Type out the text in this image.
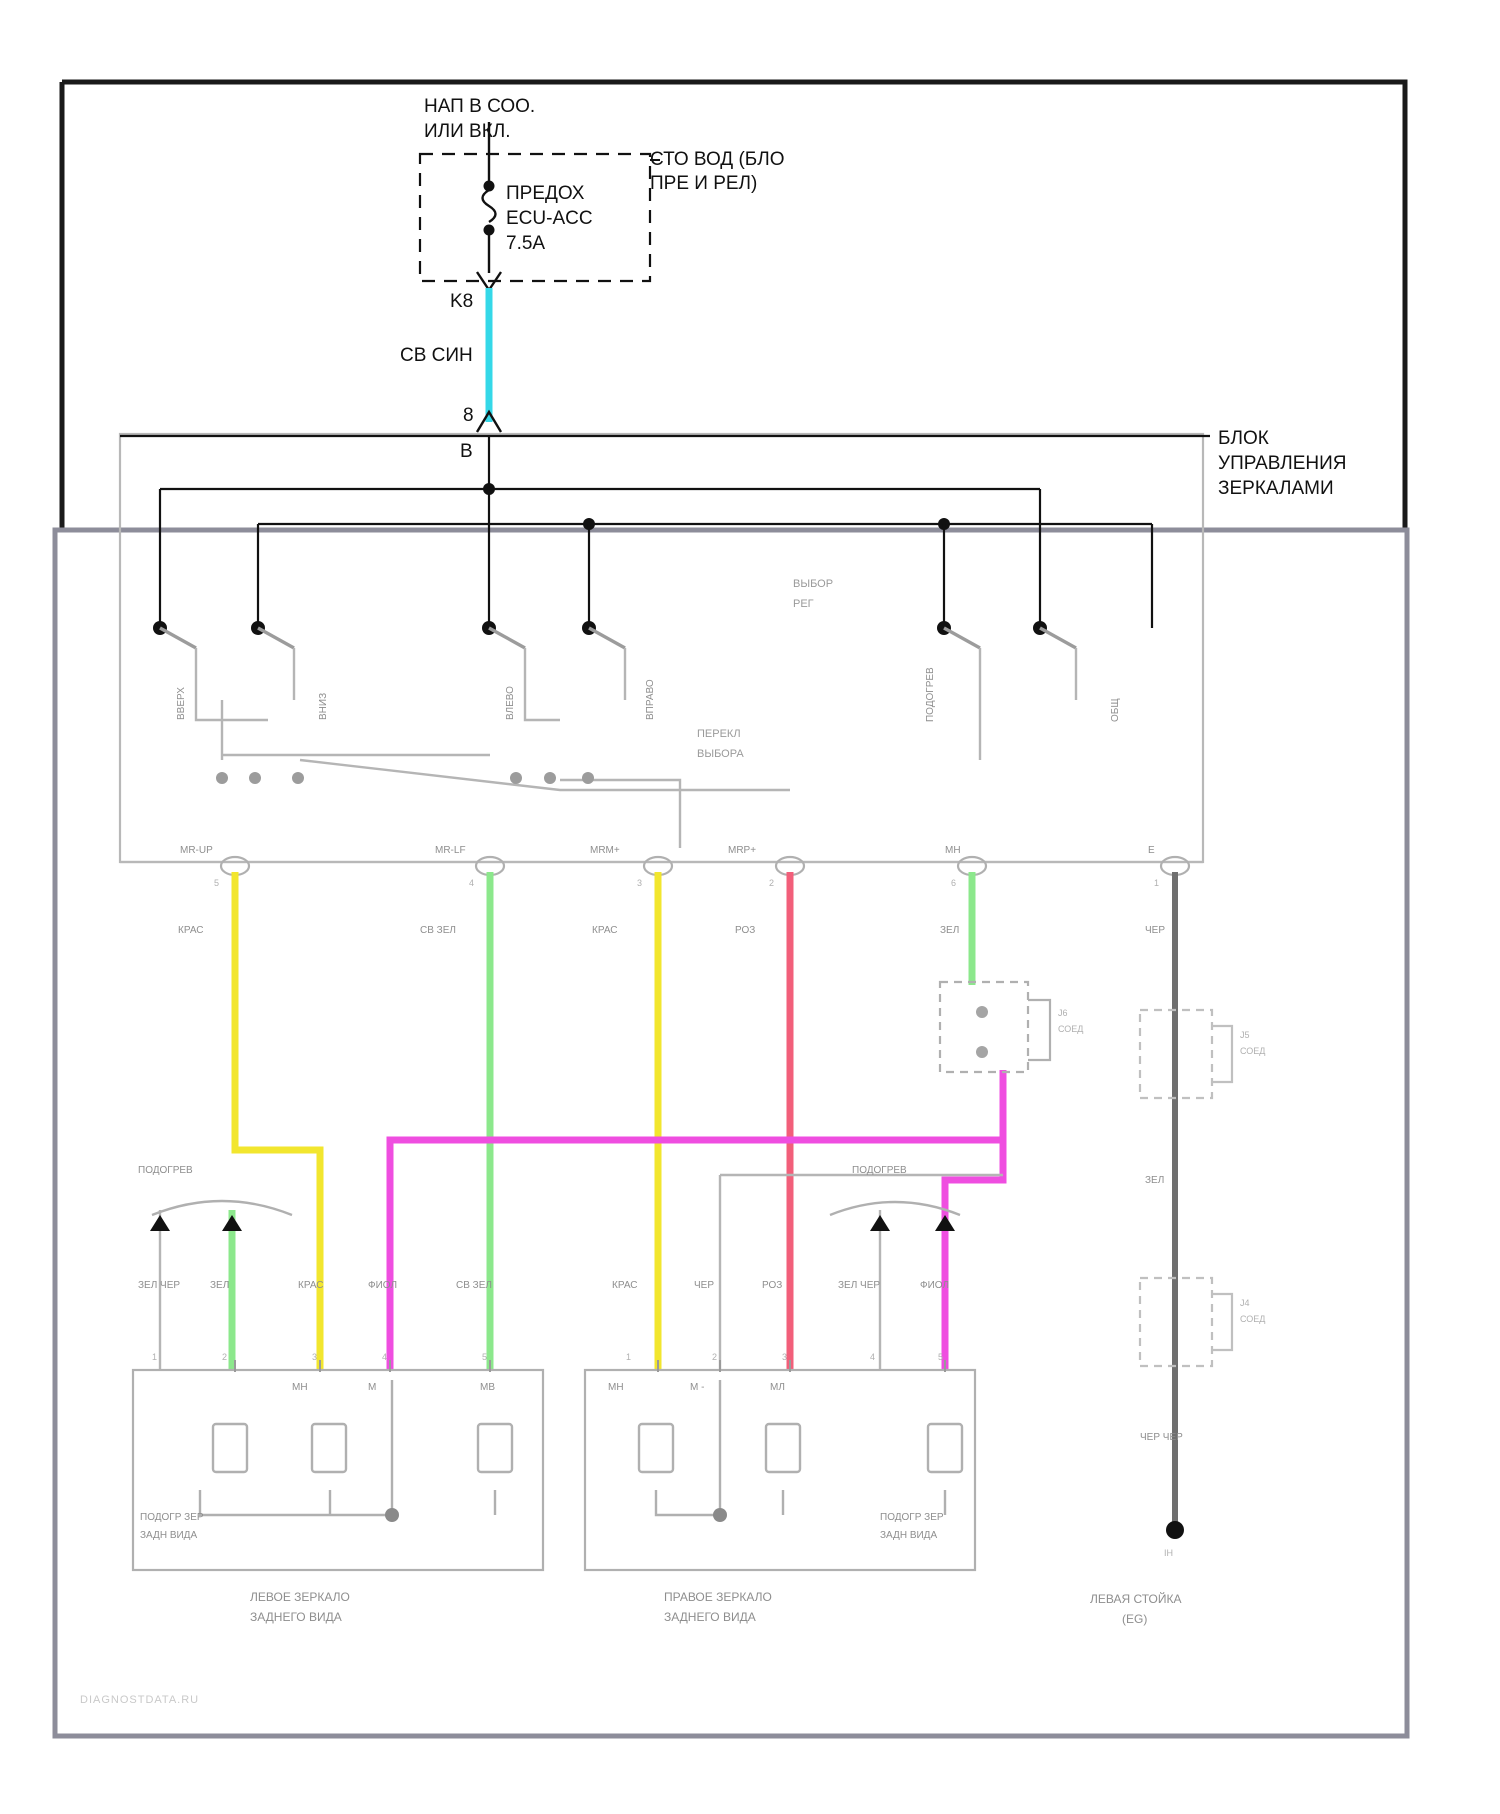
НАП В СОО.
ИЛИ ВКЛ.
СТО ВОД (БЛО
ПРЕ И РЕЛ)
ПРЕДОХ
ECU-ACC
7.5A
K8
СВ СИН
8
B
БЛОК
УПРАВЛЕНИЯ
ЗЕРКАЛАМИ
ВЫБОР
РЕГ
ПЕРЕКЛ
ВЫБОРА
ВВЕРХ	ВНИЗ	ВЛЕВО	ВПРАВО	ПОДОГРЕВ	ОБЩ
MR-UP	MR-LF	MRM+	MRP+	MH	E
5	4	3	2	6	1
КРАС	СВ ЗЕЛ	КРАС	РОЗ	ЗЕЛ	ЧЕР
J6
СОЕД
J5
СОЕД
J4
СОЕД
ЗЕЛ
ЧЕР ЧЕР
ПОДОГРЕВ	ПОДОГРЕВ
ЗЕЛ ЧЕР	ЗЕЛ	КРАС	ФИОЛ	СВ ЗЕЛ	КРАС	ЧЕР	РОЗ	ЗЕЛ ЧЕР	ФИОЛ
1	2	3	4	5	1	2	3	4	5
МН	М	МВ	МН	М -	МЛ
ПОДОГР ЗЕР
ЗАДН ВИДА
ПОДОГР ЗЕР
ЗАДН ВИДА
ЛЕВОЕ ЗЕРКАЛО
ЗАДНЕГО ВИДА
ПРАВОЕ ЗЕРКАЛО
ЗАДНЕГО ВИДА
IH
ЛЕВАЯ СТОЙКА
(EG)
DIAGNOSTDATA.RU
